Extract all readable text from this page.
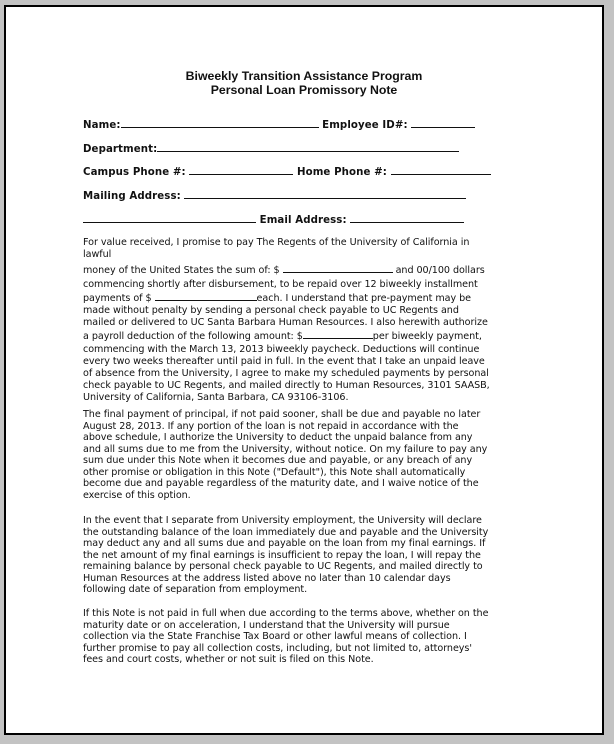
Biweekly Transition Assistance Program
Personal Loan Promissory Note
Name:	Employee ID#:
Department:
Campus Phone #:	Home Phone #:
Mailing Address:
Email Address:

For value received, I promise to pay The Regents of the University of California in

lawful

money of the United States the sum of: $	and 00/100 dollars

commencing shortly after disbursement, to be repaid over 12 biweekly installment

payments of $	each. I understand that pre-payment may be

made without penalty by sending a personal check payable to UC Regents and

mailed or delivered to UC Santa Barbara Human Resources. I also herewith authorize

a payroll deduction of the following amount: $	per biweekly payment,

commencing with the March 13, 2013 biweekly paycheck. Deductions will continue

every two weeks thereafter until paid in full. In the event that I take an unpaid leave

of absence from the University, I agree to make my scheduled payments by personal

check payable to UC Regents, and mailed directly to Human Resources, 3101 SAASB,

University of California, Santa Barbara, CA 93106-3106.

The final payment of principal, if not paid sooner, shall be due and payable no later

August 28, 2013. If any portion of the loan is not repaid in accordance with the

above schedule, I authorize the University to deduct the unpaid balance from any

and all sums due to me from the University, without notice. On my failure to pay any

sum due under this Note when it becomes due and payable, or any breach of any

other promise or obligation in this Note ("Default"), this Note shall automatically

become due and payable regardless of the maturity date, and I waive notice of the

exercise of this option.

In the event that I separate from University employment, the University will declare

the outstanding balance of the loan immediately due and payable and the University

may deduct any and all sums due and payable on the loan from my final earnings. If

the net amount of my final earnings is insufficient to repay the loan, I will repay the

remaining balance by personal check payable to UC Regents, and mailed directly to

Human Resources at the address listed above no later than 10 calendar days

following date of separation from employment.

If this Note is not paid in full when due according to the terms above, whether on the

maturity date or on acceleration, I understand that the University will pursue

collection via the State Franchise Tax Board or other lawful means of collection. I

further promise to pay all collection costs, including, but not limited to, attorneys'

fees and court costs, whether or not suit is filed on this Note.
